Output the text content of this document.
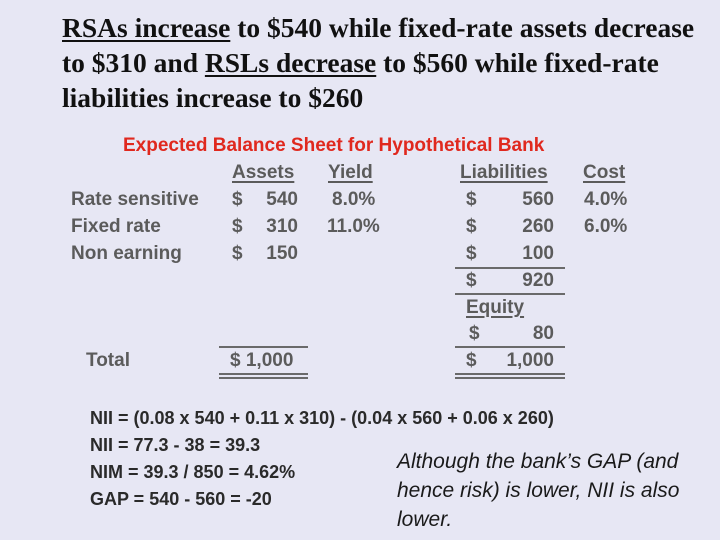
RSAs increase to $540 while fixed-rate assets decrease to $310 and RSLs decrease to $560 while fixed-rate liabilities increase to $260
Expected Balance Sheet for Hypothetical Bank
Assets Yield	Liabilities Cost
Rate sensitive $	540 8.0%	$	560 4.0%
Fixed rate	$	310 11.0%	$	260 6.0%
Non earning	$	150	$	100
$	920
Equity
$	80
Total	$ 1,000	$	1,000
NII = (0.08 x 540 + 0.11 x 310) - (0.04 x 560 + 0.06 x 260)
NII = 77.3 - 38 = 39.3
NIM = 39.3 / 850 = 4.62%
GAP = 540 - 560 = -20
Although the bank’s GAP (and hence risk) is lower, NII is also lower.
